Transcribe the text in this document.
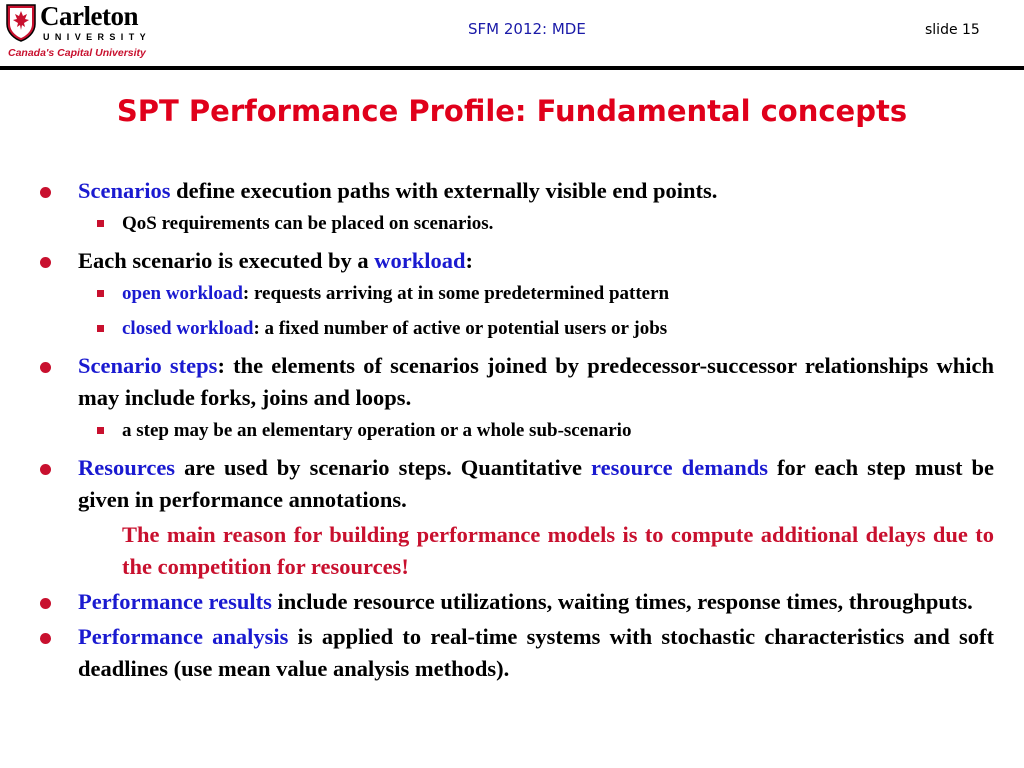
Carleton
UNIVERSITY
Canada's Capital University
SFM 2012: MDE	slide 15
SPT Performance Profile: Fundamental concepts
Scenarios define execution paths with externally visible end points.
QoS requirements can be placed on scenarios.
Each scenario is executed by a workload:
open workload: requests arriving at in some predetermined pattern
closed workload: a fixed number of active or potential users or jobs
Scenario steps: the elements of scenarios joined by predecessor-successor relationships which may include forks, joins and loops.
a step may be an elementary operation or a whole sub-scenario
Resources are used by scenario steps. Quantitative resource demands for each step must be given in performance annotations.
The main reason for building performance models is to compute additional delays due to the competition for resources!
Performance results include resource utilizations, waiting times, response times, throughputs.
Performance analysis is applied to real-time systems with stochastic characteristics and soft deadlines (use mean value analysis methods).
